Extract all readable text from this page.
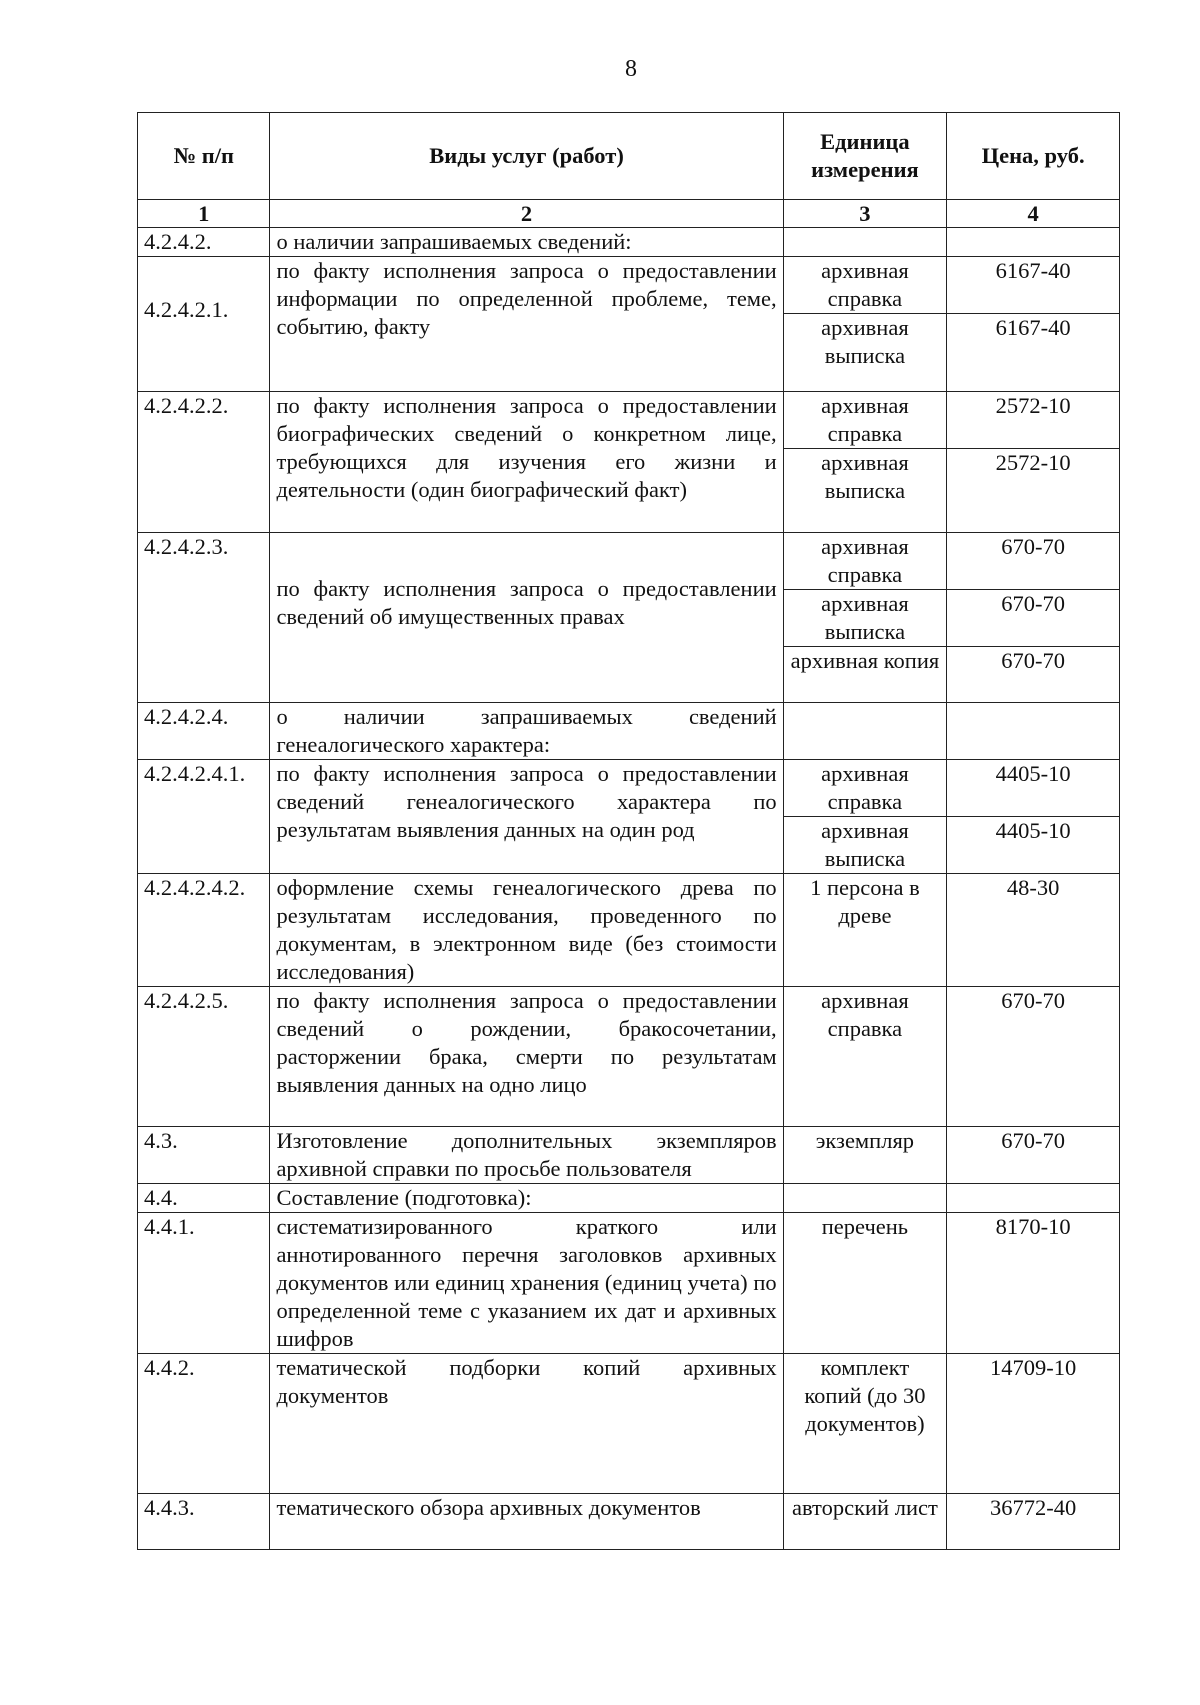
8
№ п/п	Виды услуг (работ)	Единица измерения	Цена, руб.
1	2	3	4
4.2.4.2.	о наличии запрашиваемых сведений:		
4.2.4.2.1.	по факту исполнения запроса о предоставлении информации по определенной проблеме, теме, событию, факту	архивная справка	6167-40
		архивная выписка	6167-40
4.2.4.2.2.	по факту исполнения запроса о предоставлении биографических сведений о конкретном лице, требующихся для изучения его жизни и деятельности (один биографический факт)	архивная справка	2572-10
		архивная выписка	2572-10
4.2.4.2.3.	по факту исполнения запроса о предоставлении сведений об имущественных правах	архивная справка	670-70
		архивная выписка	670-70
		архивная копия	670-70
4.2.4.2.4.	о наличии запрашиваемых сведений генеалогического характера:		
4.2.4.2.4.1.	по факту исполнения запроса о предоставлении сведений генеалогического характера по результатам выявления данных на один род	архивная справка	4405-10
		архивная выписка	4405-10
4.2.4.2.4.2.	оформление схемы генеалогического древа по результатам исследования, проведенного по документам, в электронном виде (без стоимости исследования)	1 персона в древе	48-30
4.2.4.2.5.	по факту исполнения запроса о предоставлении сведений о рождении, бракосочетании, расторжении брака, смерти по результатам выявления данных на одно лицо	архивная справка	670-70
4.3.	Изготовление дополнительных экземпляров архивной справки по просьбе пользователя	экземпляр	670-70
4.4.	Составление (подготовка):		
4.4.1.	систематизированного краткого или аннотированного перечня заголовков архивных документов или единиц хранения (единиц учета) по определенной теме с указанием их дат и архивных шифров	перечень	8170-10
4.4.2.	тематической подборки копий архивных документов	комплект копий (до 30 документов)	14709-10
4.4.3.	тематического обзора архивных документов	авторский лист	36772-40
